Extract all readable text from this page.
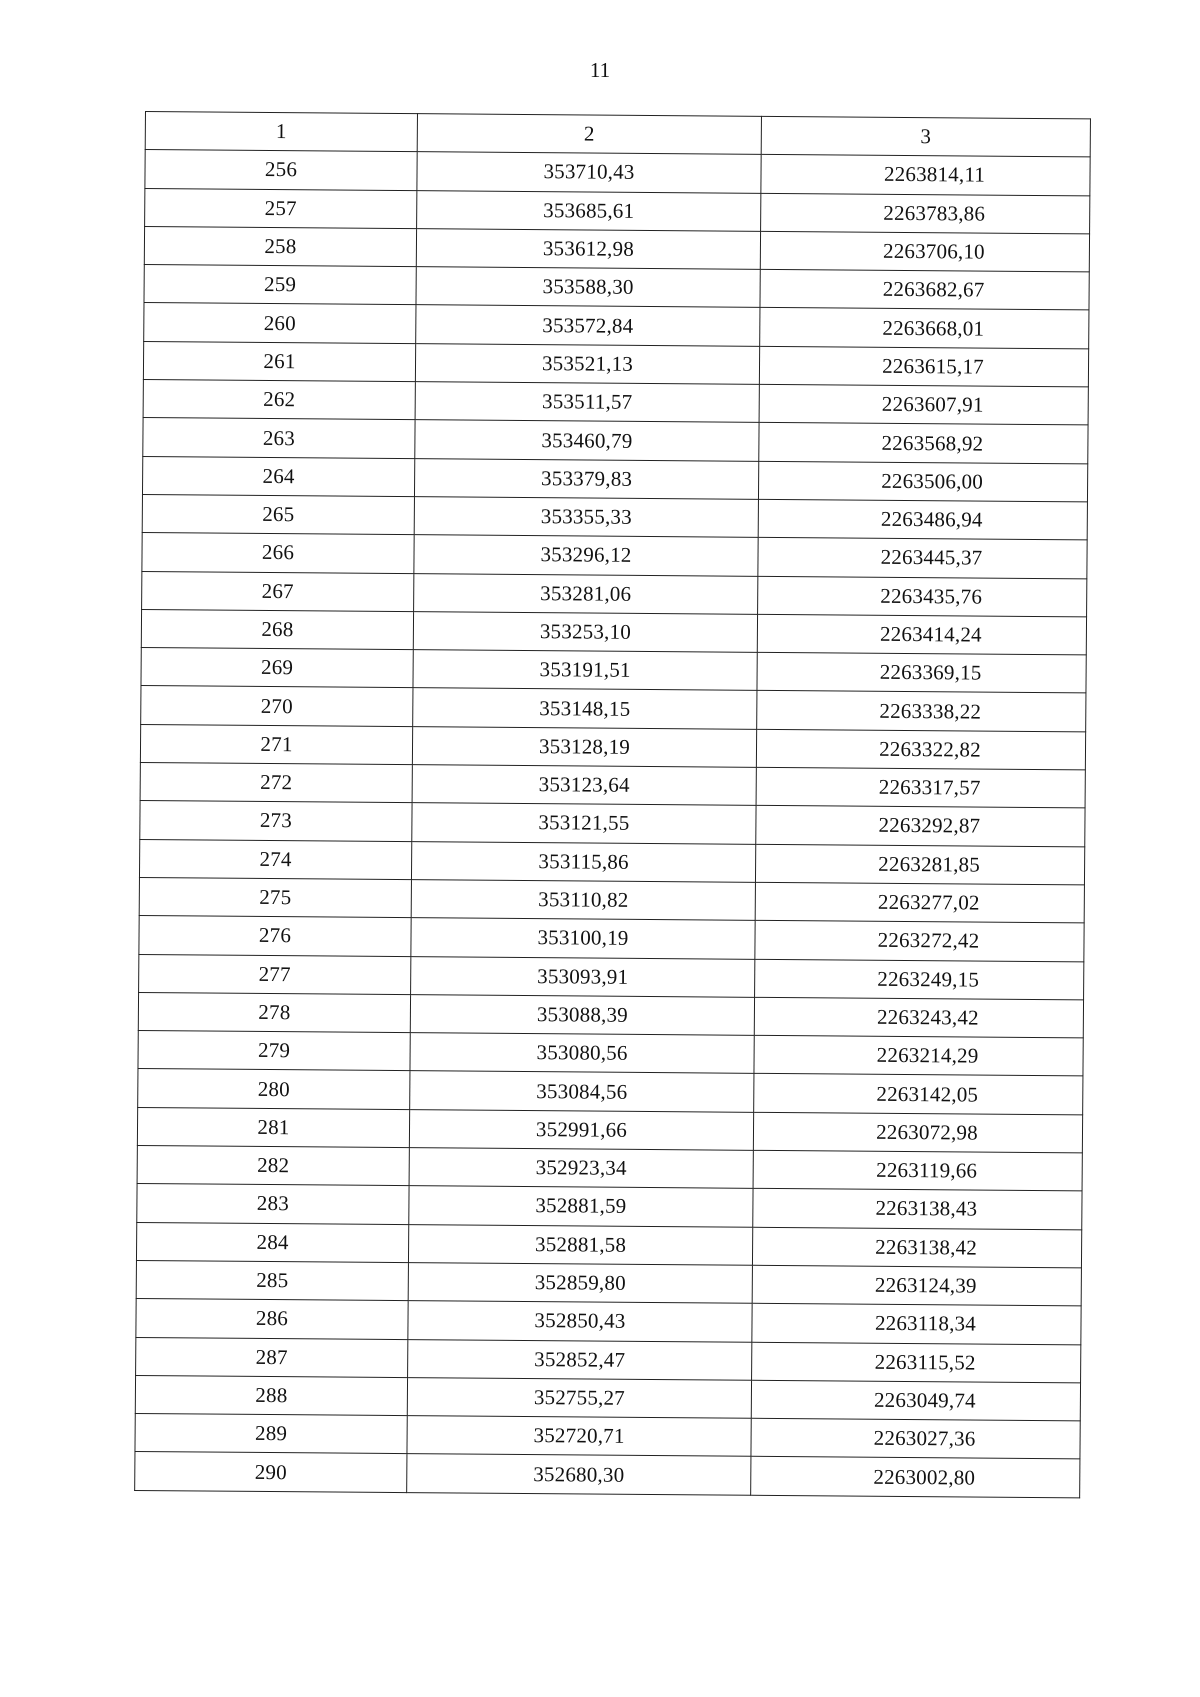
11
1	2	3
256	353710,43	2263814,11
257	353685,61	2263783,86
258	353612,98	2263706,10
259	353588,30	2263682,67
260	353572,84	2263668,01
261	353521,13	2263615,17
262	353511,57	2263607,91
263	353460,79	2263568,92
264	353379,83	2263506,00
265	353355,33	2263486,94
266	353296,12	2263445,37
267	353281,06	2263435,76
268	353253,10	2263414,24
269	353191,51	2263369,15
270	353148,15	2263338,22
271	353128,19	2263322,82
272	353123,64	2263317,57
273	353121,55	2263292,87
274	353115,86	2263281,85
275	353110,82	2263277,02
276	353100,19	2263272,42
277	353093,91	2263249,15
278	353088,39	2263243,42
279	353080,56	2263214,29
280	353084,56	2263142,05
281	352991,66	2263072,98
282	352923,34	2263119,66
283	352881,59	2263138,43
284	352881,58	2263138,42
285	352859,80	2263124,39
286	352850,43	2263118,34
287	352852,47	2263115,52
288	352755,27	2263049,74
289	352720,71	2263027,36
290	352680,30	2263002,80
